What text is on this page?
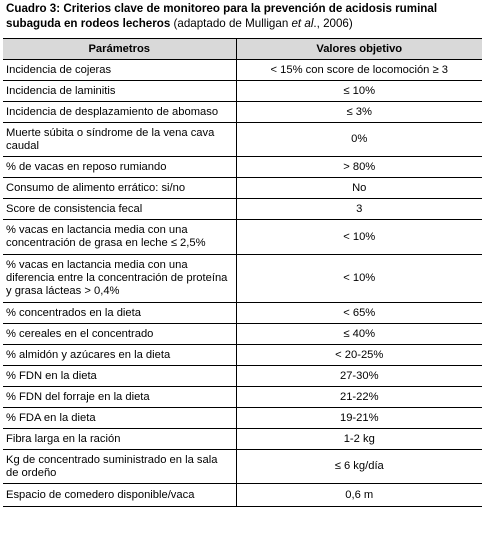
Cuadro 3: Criterios clave de monitoreo para la prevención de acidosis ruminal subaguda en rodeos lecheros (adaptado de Mulligan et al., 2006)
Parámetros	Valores objetivo
Incidencia de cojeras	< 15% con score de locomoción ≥ 3
Incidencia de laminitis	≤ 10%
Incidencia de desplazamiento de abomaso	≤ 3%
Muerte súbita o síndrome de la vena cava caudal	0%
% de vacas en reposo rumiando	> 80%
Consumo de alimento errático: si/no	No
Score de consistencia fecal	3
% vacas en lactancia media con una concentración de grasa en leche ≤ 2,5%	< 10%
% vacas en lactancia media con una diferencia entre la concentración de proteína y grasa lácteas > 0,4%	< 10%
% concentrados en la dieta	< 65%
% cereales en el concentrado	≤ 40%
% almidón y azúcares en la dieta	< 20-25%
% FDN en la dieta	27-30%
% FDN del forraje en la dieta	21-22%
% FDA en la dieta	19-21%
Fibra larga en la ración	1-2 kg
Kg de concentrado suministrado en la sala de ordeño	≤ 6 kg/día
Espacio de comedero disponible/vaca	0,6 m
